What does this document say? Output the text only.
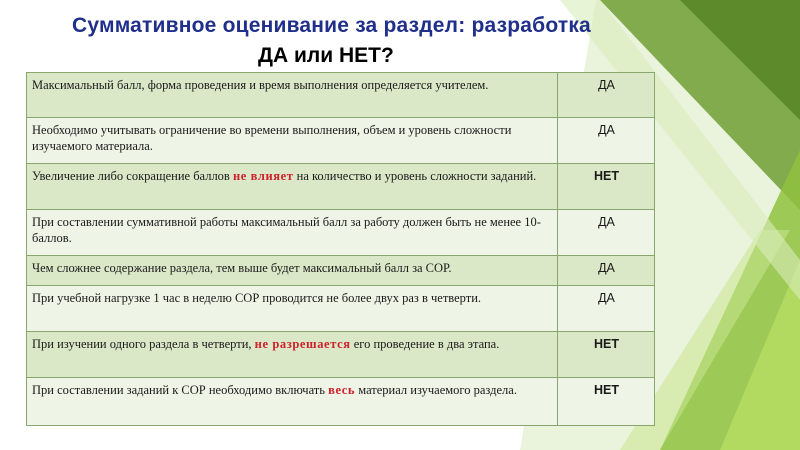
Суммативное оценивание за раздел: разработка
ДА или НЕТ?
Максимальный балл, форма проведения и время выполнения определяется учителем.	ДА
Необходимо учитывать ограничение во времени выполнения, объем и уровень сложности изучаемого материала.	ДА
Увеличение либо сокращение баллов не влияет на количество и уровень сложности заданий.	НЕТ
При составлении суммативной работы максимальный балл за работу должен быть не менее 10-баллов.	ДА
Чем сложнее содержание раздела, тем выше будет максимальный балл за СОР.	ДА
При учебной нагрузке 1 час в неделю СОР проводится не более двух раз в четверти.	ДА
При изучении одного раздела в четверти, не разрешается его проведение в два этапа.	НЕТ
При составлении заданий к СОР необходимо включать весь материал изучаемого раздела.	НЕТ
